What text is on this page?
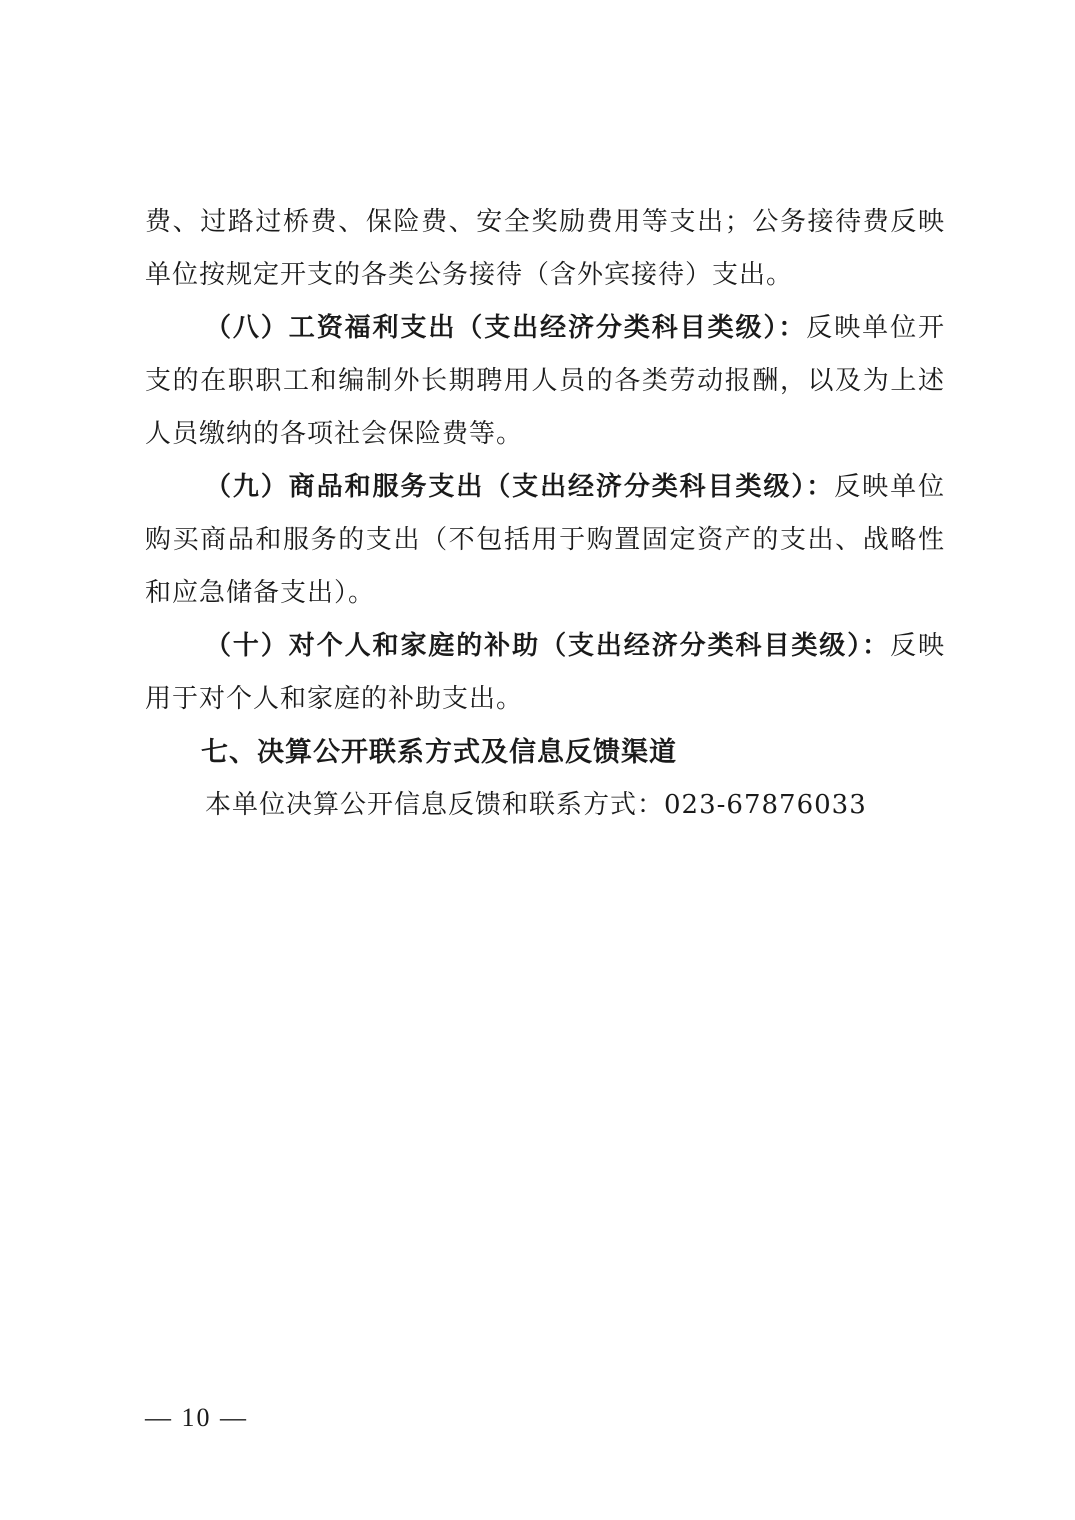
费、过路过桥费、保险费、安全奖励费用等支出；公务接待费反映单位按规定开支的各类公务接待（含外宾接待）支出。

（八）工资福利支出（支出经济分类科目类级）：反映单位开支的在职职工和编制外长期聘用人员的各类劳动报酬，以及为上述人员缴纳的各项社会保险费等。

（九）商品和服务支出（支出经济分类科目类级）：反映单位购买商品和服务的支出（不包括用于购置固定资产的支出、战略性和应急储备支出）。

（十）对个人和家庭的补助（支出经济分类科目类级）：反映用于对个人和家庭的补助支出。

七、决算公开联系方式及信息反馈渠道

本单位决算公开信息反馈和联系方式：023-67876033

— 10 —
